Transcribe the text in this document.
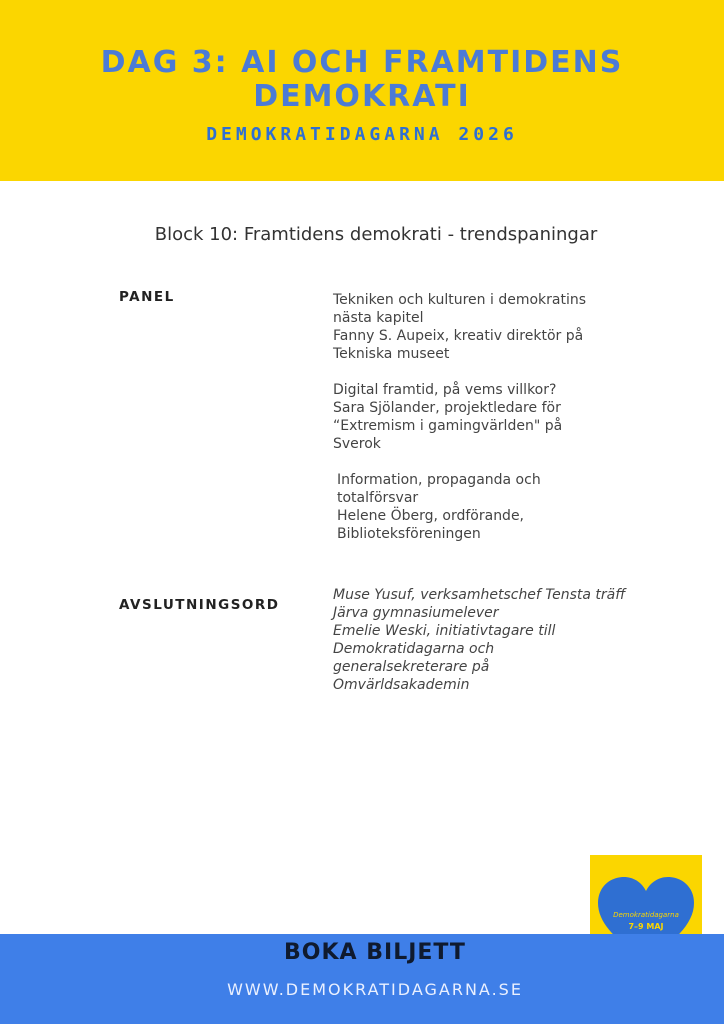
DAG 3: AI OCH FRAMTIDENS
DEMOKRATI
DEMOKRATIDAGARNA 2026
Block 10: Framtidens demokrati - trendspaningar
PANEL	Tekniken och kulturen i demokratins
nästa kapitel
Fanny S. Aupeix, kreativ direktör på
Tekniska museet
Digital framtid, på vems villkor?
Sara Sjölander, projektledare för
“Extremism i gamingvärlden" på
Sverok
Information, propaganda och
totalförsvar
Helene Öberg, ordförande,
Biblioteksföreningen
AVSLUTNINGSORD
Muse Yusuf, verksamhetschef Tensta träff
Järva gymnasiumelever
Emelie Weski, initiativtagare till
Demokratidagarna och
generalsekreterare på
Omvärldsakademin
Demokratidagarna
7–9 MAJ
BOKA BILJETT
WWW.DEMOKRATIDAGARNA.SE
